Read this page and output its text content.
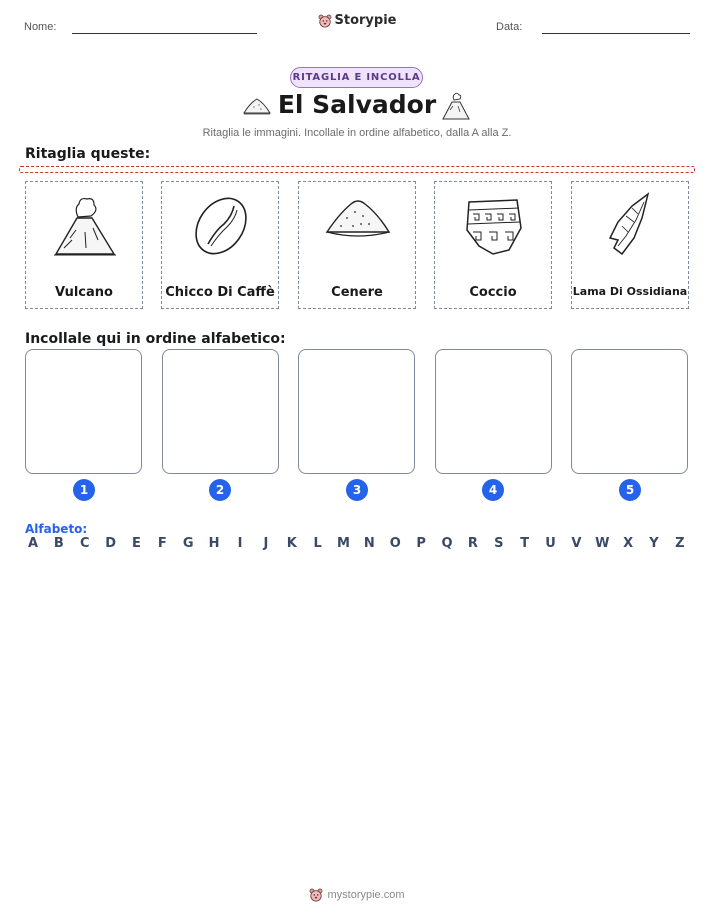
Nome:	Storypie	Data:
RITAGLIA E INCOLLA
El Salvador
Ritaglia le immagini. Incollale in ordine alfabetico, dalla A alla Z.
Ritaglia queste:
Vulcano	Chicco Di Caffè	Cenere	Coccio	Lama Di Ossidiana
Incollale qui in ordine alfabetico:
1	2	3	4	5
Alfabeto:
A B C D E F G H	I	J	K L M N O P Q R S T U V W X Y Z
mystorypie.com
